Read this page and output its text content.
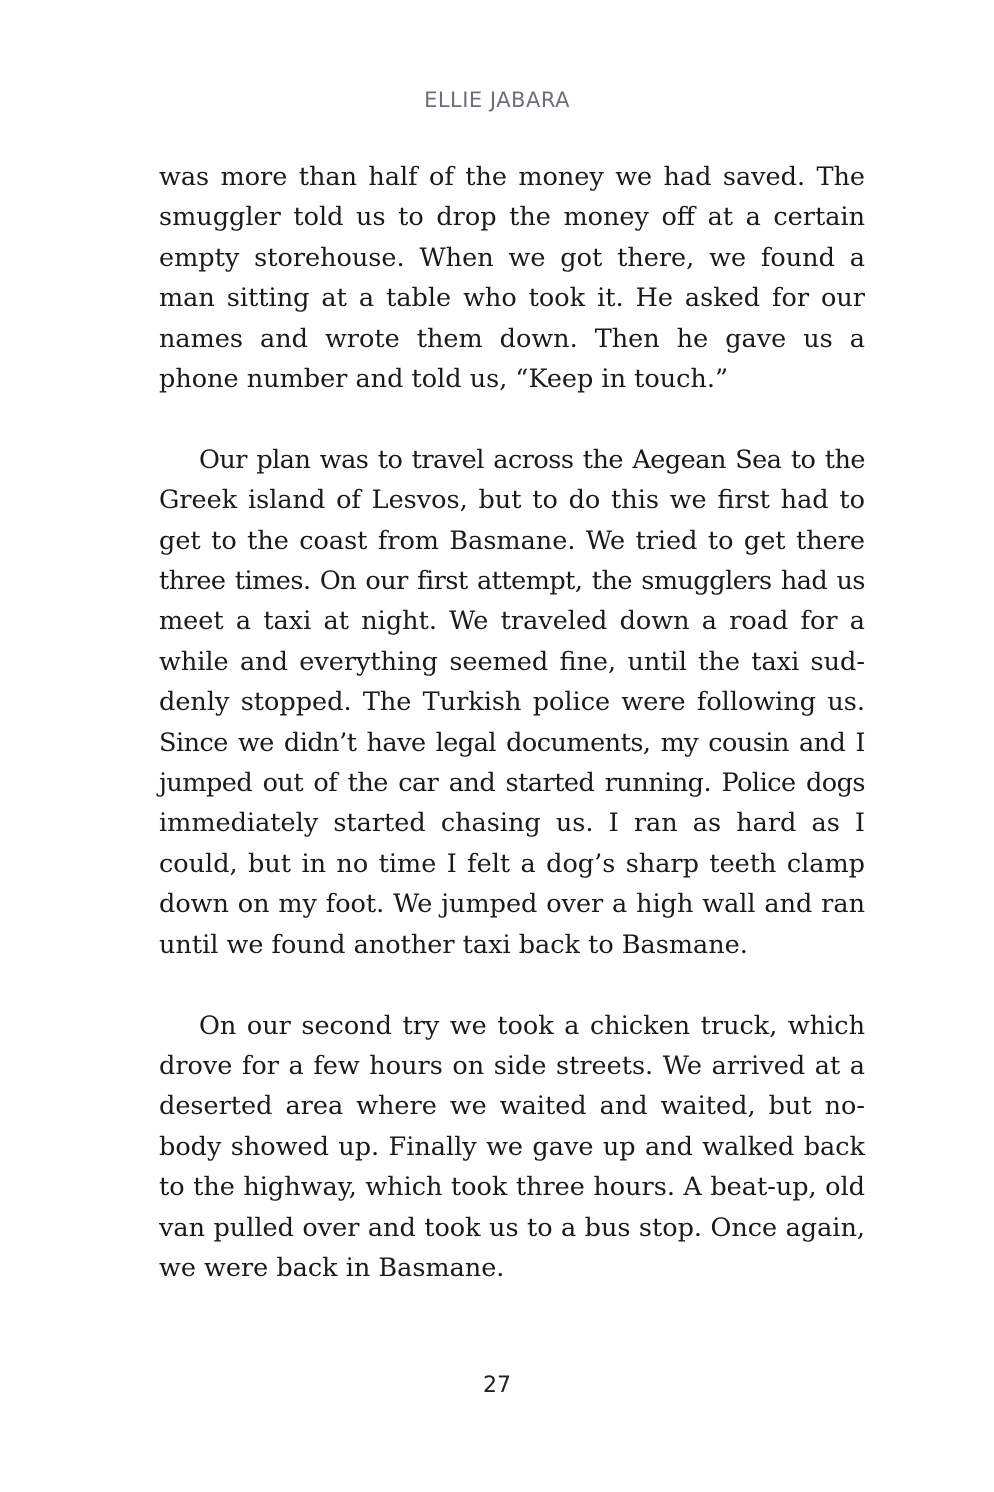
ELLIE JABARA

was more than half of the money we had saved. The
smuggler told us to drop the money off at a certain
empty storehouse. When we got there, we found a
man sitting at a table who took it. He asked for our
names and wrote them down. Then he gave us a
phone number and told us, “Keep in touch.”

Our plan was to travel across the Aegean Sea to the
Greek island of Lesvos, but to do this we first had to
get to the coast from Basmane. We tried to get there
three times. On our first attempt, the smugglers had us
meet a taxi at night. We traveled down a road for a
while and everything seemed fine, until the taxi sud-
denly stopped. The Turkish police were following us.
Since we didn’t have legal documents, my cousin and I
jumped out of the car and started running. Police dogs
immediately started chasing us. I ran as hard as I
could, but in no time I felt a dog’s sharp teeth clamp
down on my foot. We jumped over a high wall and ran
until we found another taxi back to Basmane.

On our second try we took a chicken truck, which
drove for a few hours on side streets. We arrived at a
deserted area where we waited and waited, but no-
body showed up. Finally we gave up and walked back
to the highway, which took three hours. A beat-up, old
van pulled over and took us to a bus stop. Once again,
we were back in Basmane.

27
